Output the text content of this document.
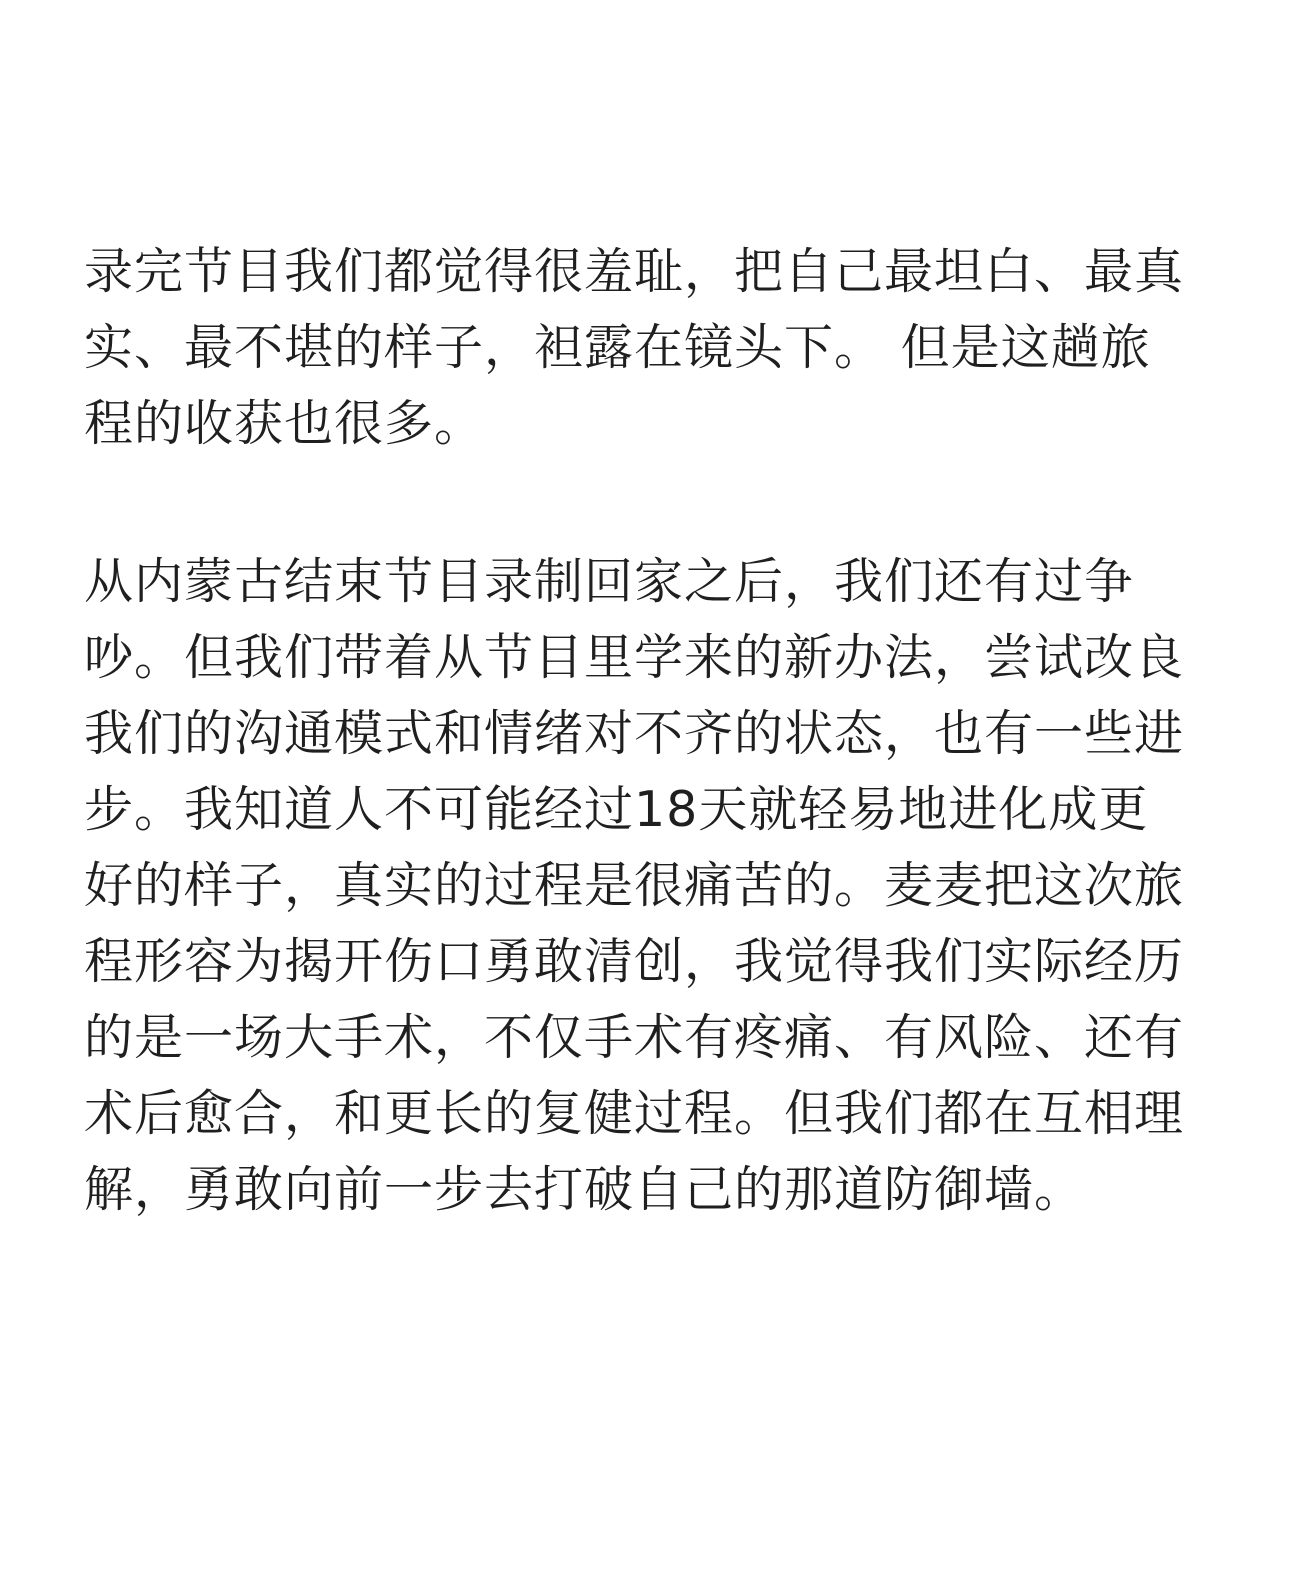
录完节目我们都觉得很羞耻，把自己最坦白、最真
实、最不堪的样子，袒露在镜头下。 但是这趟旅
程的收获也很多。
从内蒙古结束节目录制回家之后，我们还有过争
吵。但我们带着从节目里学来的新办法，尝试改良
我们的沟通模式和情绪对不齐的状态，也有一些进
步。我知道人不可能经过18天就轻易地进化成更
好的样子，真实的过程是很痛苦的。麦麦把这次旅
程形容为揭开伤口勇敢清创，我觉得我们实际经历
的是一场大手术，不仅手术有疼痛、有风险、还有
术后愈合，和更长的复健过程。但我们都在互相理
解，勇敢向前一步去打破自己的那道防御墙。
